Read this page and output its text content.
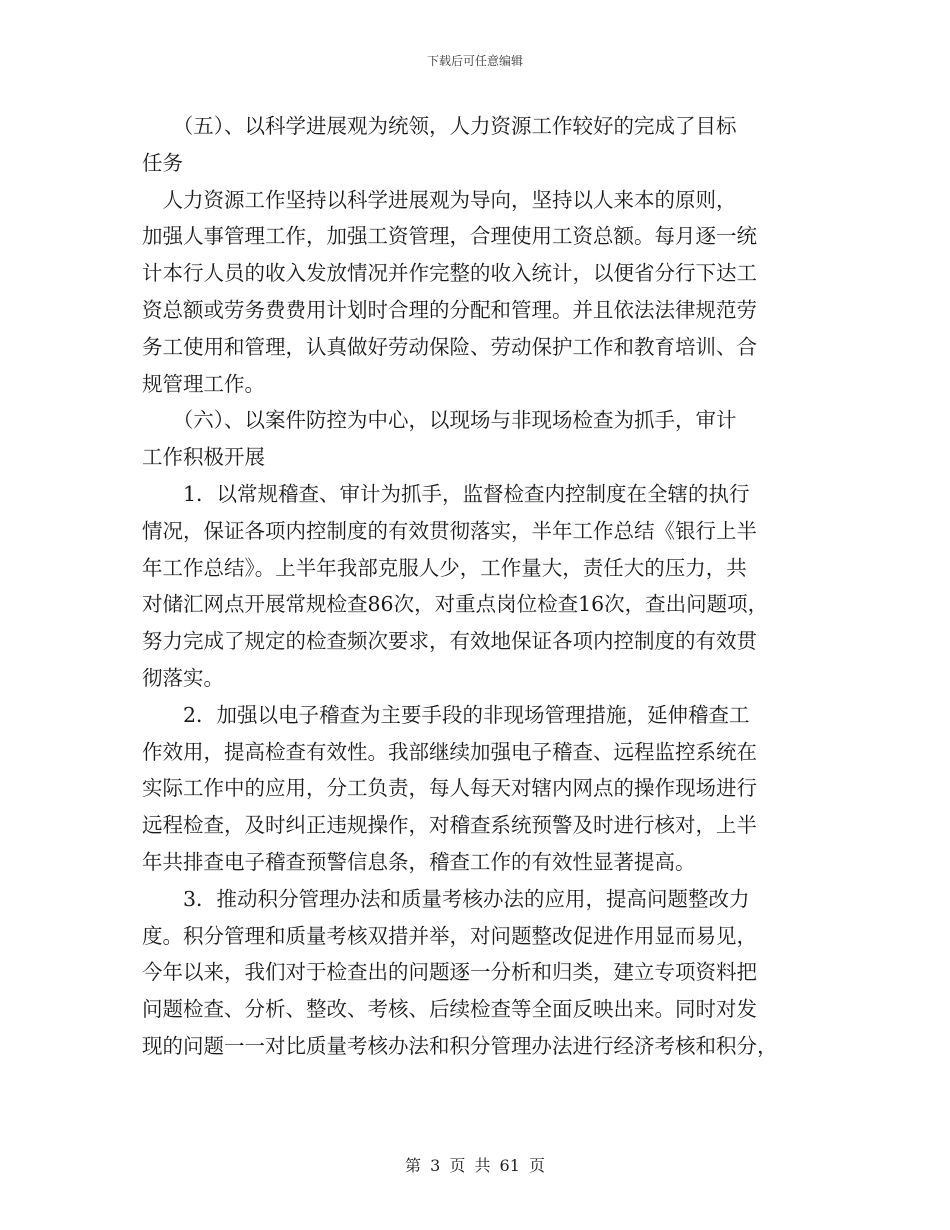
下载后可任意编辑
　　（五）、以科学进展观为统领，人力资源工作较好的完成了目标
任务
　人力资源工作坚持以科学进展观为导向，坚持以人来本的原则，
加强人事管理工作，加强工资管理，合理使用工资总额。每月逐一统
计本行人员的收入发放情况并作完整的收入统计，以便省分行下达工
资总额或劳务费费用计划时合理的分配和管理。并且依法法律规范劳
务工使用和管理，认真做好劳动保险、劳动保护工作和教育培训、合
规管理工作。
　　（六）、以案件防控为中心，以现场与非现场检查为抓手，审计
工作积极开展
　　1．以常规稽查、审计为抓手，监督检查内控制度在全辖的执行
情况，保证各项内控制度的有效贯彻落实，半年工作总结《银行上半
年工作总结》。上半年我部克服人少，工作量大，责任大的压力，共
对储汇网点开展常规检查86次，对重点岗位检查16次，查出问题项，
努力完成了规定的检查频次要求，有效地保证各项内控制度的有效贯
彻落实。
　　2．加强以电子稽查为主要手段的非现场管理措施，延伸稽查工
作效用，提高检查有效性。我部继续加强电子稽查、远程监控系统在
实际工作中的应用，分工负责，每人每天对辖内网点的操作现场进行
远程检查，及时纠正违规操作，对稽查系统预警及时进行核对，上半
年共排查电子稽查预警信息条，稽查工作的有效性显著提高。
　　3．推动积分管理办法和质量考核办法的应用，提高问题整改力
度。积分管理和质量考核双措并举，对问题整改促进作用显而易见，
今年以来，我们对于检查出的问题逐一分析和归类，建立专项资料把
问题检查、分析、整改、考核、后续检查等全面反映出来。同时对发
现的问题一一对比质量考核办法和积分管理办法进行经济考核和积分，
第 3 页 共 61 页
